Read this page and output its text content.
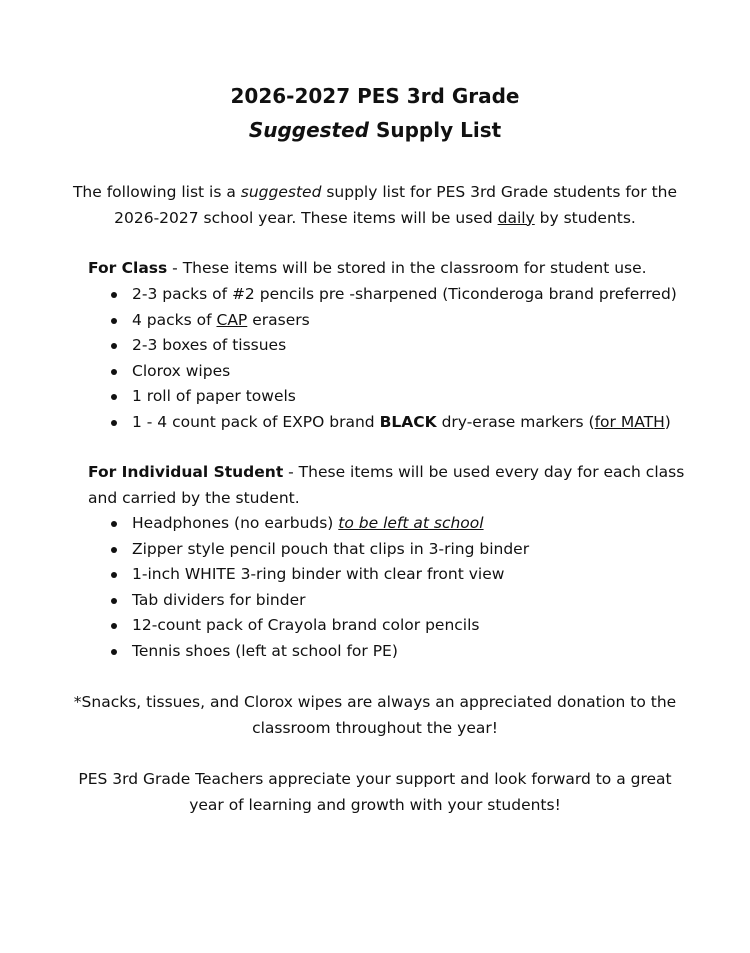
2026-2027 PES 3rd Grade
Suggested Supply List

The following list is a suggested supply list for PES 3rd Grade students for the 2026-2027 school year. These items will be used daily by students.

For Class - These items will be stored in the classroom for student use.

2-3 packs of #2 pencils pre -sharpened (Ticonderoga brand preferred)
4 packs of CAP erasers
2-3 boxes of tissues
Clorox wipes
1 roll of paper towels
1 - 4 count pack of EXPO brand BLACK dry-erase markers (for MATH)

For Individual Student - These items will be used every day for each class and carried by the student.

Headphones (no earbuds) to be left at school
Zipper style pencil pouch that clips in 3-ring binder
1-inch WHITE 3-ring binder with clear front view
Tab dividers for binder
12-count pack of Crayola brand color pencils
Tennis shoes (left at school for PE)

*Snacks, tissues, and Clorox wipes are always an appreciated donation to the classroom throughout the year!

PES 3rd Grade Teachers appreciate your support and look forward to a great year of learning and growth with your students!
